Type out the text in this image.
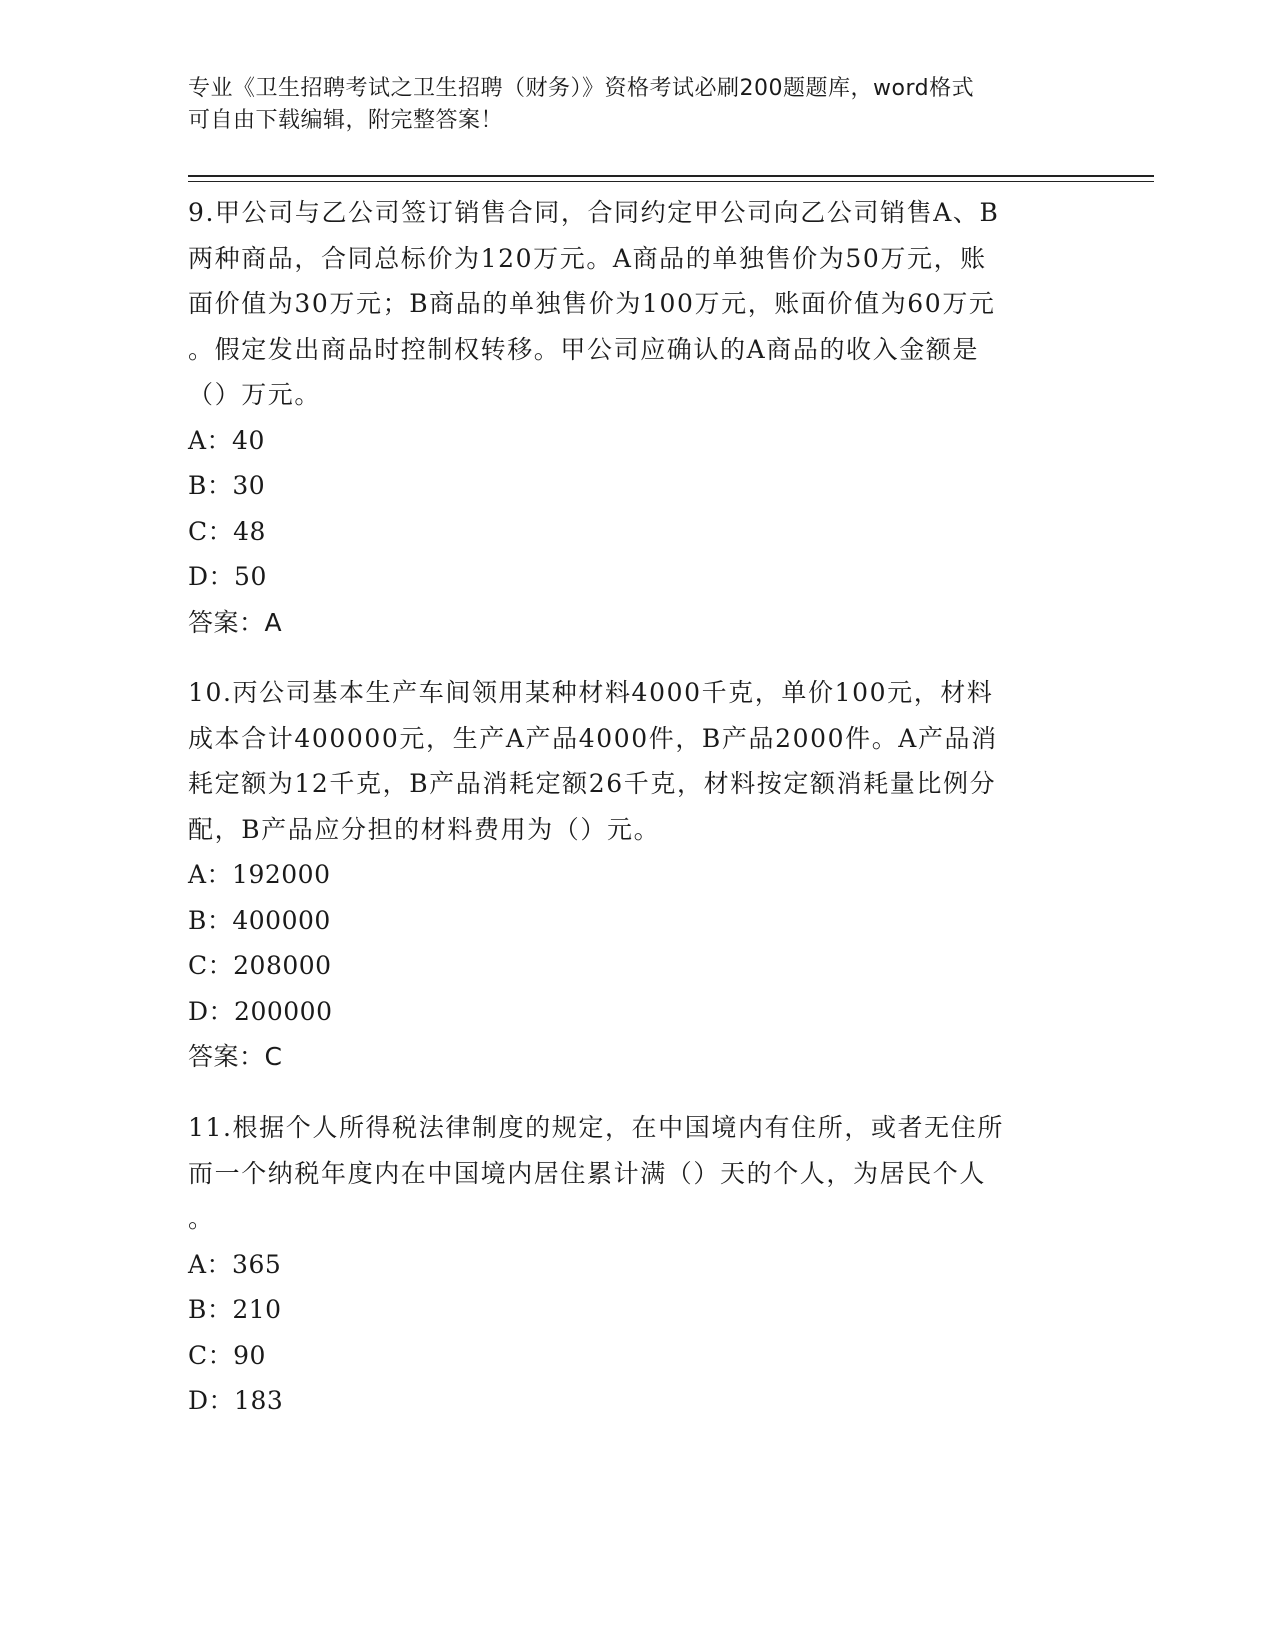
专业《卫生招聘考试之卫生招聘（财务）》资格考试必刷200题题库，word格式
可自由下载编辑，附完整答案！
9.甲公司与乙公司签订销售合同，合同约定甲公司向乙公司销售A、B
两种商品，合同总标价为120万元。A商品的单独售价为50万元，账
面价值为30万元；B商品的单独售价为100万元，账面价值为60万元
。假定发出商品时控制权转移。甲公司应确认的A商品的收入金额是
（）万元。
A：40
B：30
C：48
D：50
答案：A
10.丙公司基本生产车间领用某种材料4000千克，单价100元，材料
成本合计400000元，生产A产品4000件，B产品2000件。A产品消
耗定额为12千克，B产品消耗定额26千克，材料按定额消耗量比例分
配，B产品应分担的材料费用为（）元。
A：192000
B：400000
C：208000
D：200000
答案：C
11.根据个人所得税法律制度的规定，在中国境内有住所，或者无住所
而一个纳税年度内在中国境内居住累计满（）天的个人，为居民个人
。
A：365
B：210
C：90
D：183
